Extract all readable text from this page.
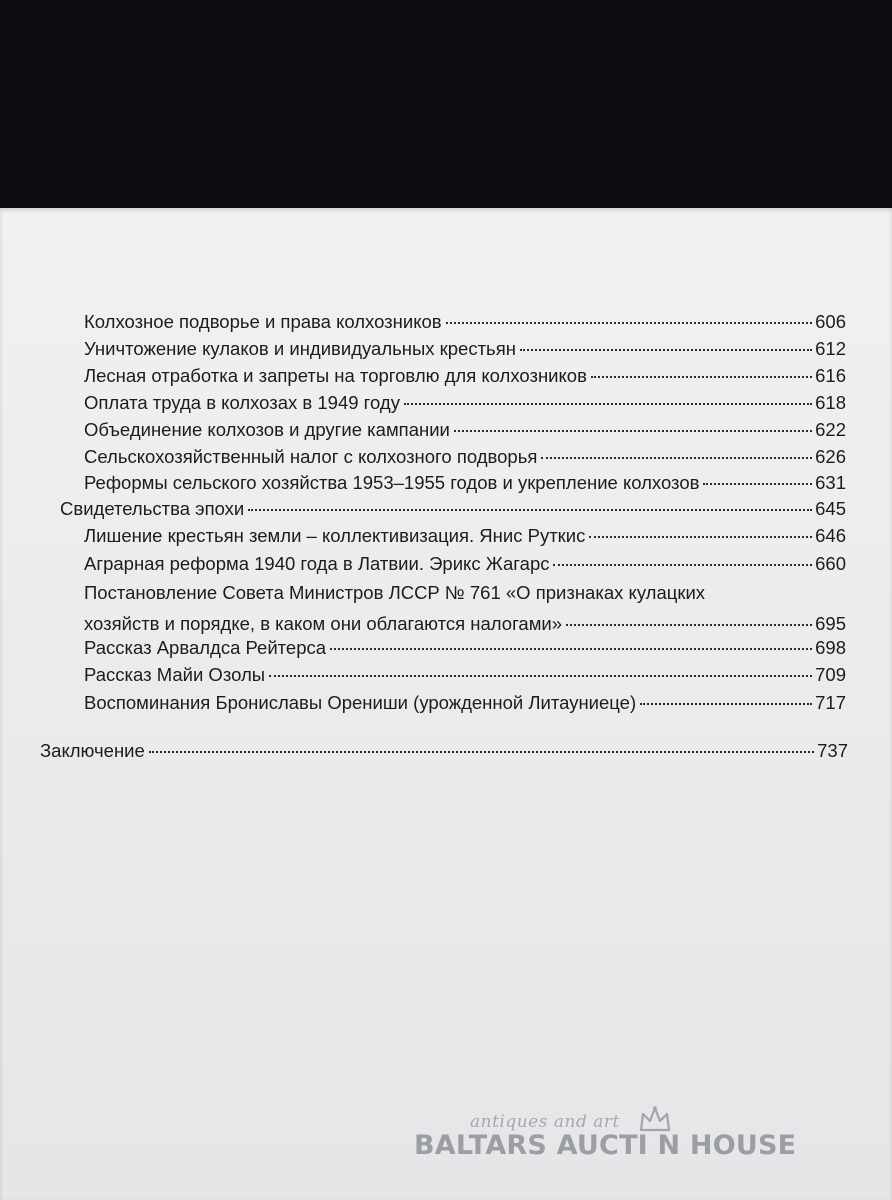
Колхозное подворье и права колхозников	606
Уничтожение кулаков и индивидуальных крестьян	612
Лесная отработка и запреты на торговлю для колхозников	616
Оплата труда в колхозах в 1949 году	618
Объединение колхозов и другие кампании	622
Сельскохозяйственный налог с колхозного подворья	626
Реформы сельского хозяйства 1953–1955 годов и укрепление колхозов	631
Свидетельства эпохи	645
Лишение крестьян земли – коллективизация. Янис Руткис	646
Аграрная реформа 1940 года в Латвии. Эрикс Жагарс	660
Постановление Совета Министров ЛССР № 761 «О признаках кулацких
хозяйств и порядке, в каком они облагаются налогами»	695
Рассказ Арвалдса Рейтерса	698
Рассказ Майи Озолы	709
Воспоминания Брониславы Орениши (урожденной Литауниеце)	717
Заключение	737
antiques and art
BALTARS AUCTI N HOUSE
